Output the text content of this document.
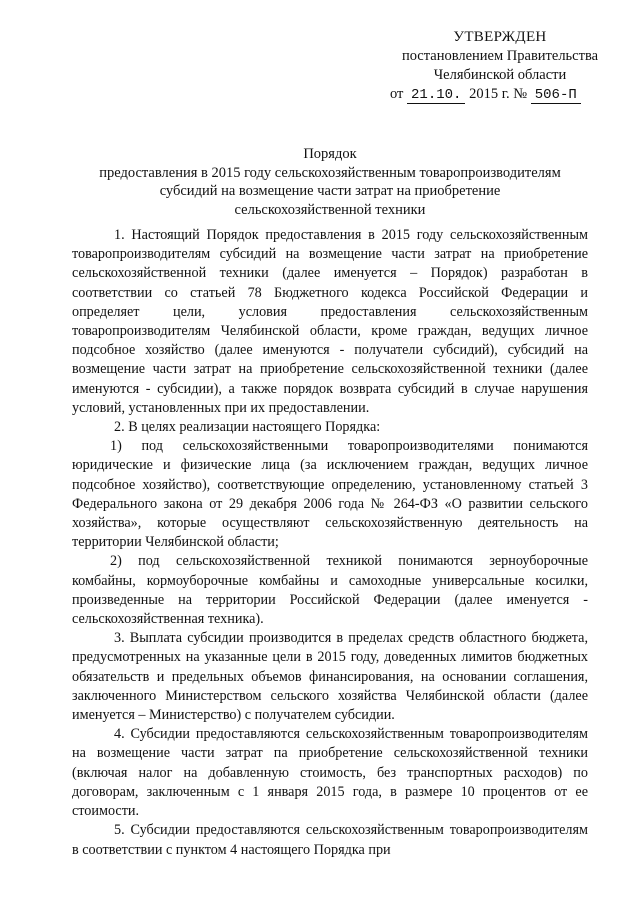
УТВЕРЖДЕН
постановлением Правительства
Челябинской области
от 21.10. 2015 г. № 506-П
Порядок
предоставления в 2015 году сельскохозяйственным товаропроизводителям
субсидий на возмещение части затрат на приобретение
сельскохозяйственной техники

1. Настоящий Порядок предоставления в 2015 году сельскохозяйственным товаропроизводителям субсидий на возмещение части затрат на приобретение сельскохозяйственной техники (далее именуется – Порядок) разработан в соответствии со статьей 78 Бюджетного кодекса Российской Федерации и определяет цели, условия предоставления сельскохозяйственным товаропроизводителям Челябинской области, кроме граждан, ведущих личное подсобное хозяйство (далее именуются - получатели субсидий), субсидий на возмещение части затрат на приобретение сельскохозяйственной техники (далее именуются - субсидии), а также порядок возврата субсидий в случае нарушения условий, установленных при их предоставлении.

2. В целях реализации настоящего Порядка:

1) под сельскохозяйственными товаропроизводителями понимаются юридические и физические лица (за исключением граждан, ведущих личное подсобное хозяйство), соответствующие определению, установленному статьей 3 Федерального закона от 29 декабря 2006 года № 264-ФЗ «О развитии сельского хозяйства», которые осуществляют сельскохозяйственную деятельность на территории Челябинской области;

2) под сельскохозяйственной техникой понимаются зерноуборочные комбайны, кормоуборочные комбайны и самоходные универсальные косилки, произведенные на территории Российской Федерации (далее именуется - сельскохозяйственная техника).

3. Выплата субсидии производится в пределах средств областного бюджета, предусмотренных на указанные цели в 2015 году, доведенных лимитов бюджетных обязательств и предельных объемов финансирования, на основании соглашения, заключенного Министерством сельского хозяйства Челябинской области (далее именуется – Министерство) с получателем субсидии.

4. Субсидии предоставляются сельскохозяйственным товаропроизводителям на возмещение части затрат па приобретение сельскохозяйственной техники (включая налог на добавленную стоимость, без транспортных расходов) по договорам, заключенным с 1 января 2015 года, в размере 10 процентов от ее стоимости.

5. Субсидии предоставляются сельскохозяйственным товаропроизводителям в соответствии с пунктом 4 настоящего Порядка при
